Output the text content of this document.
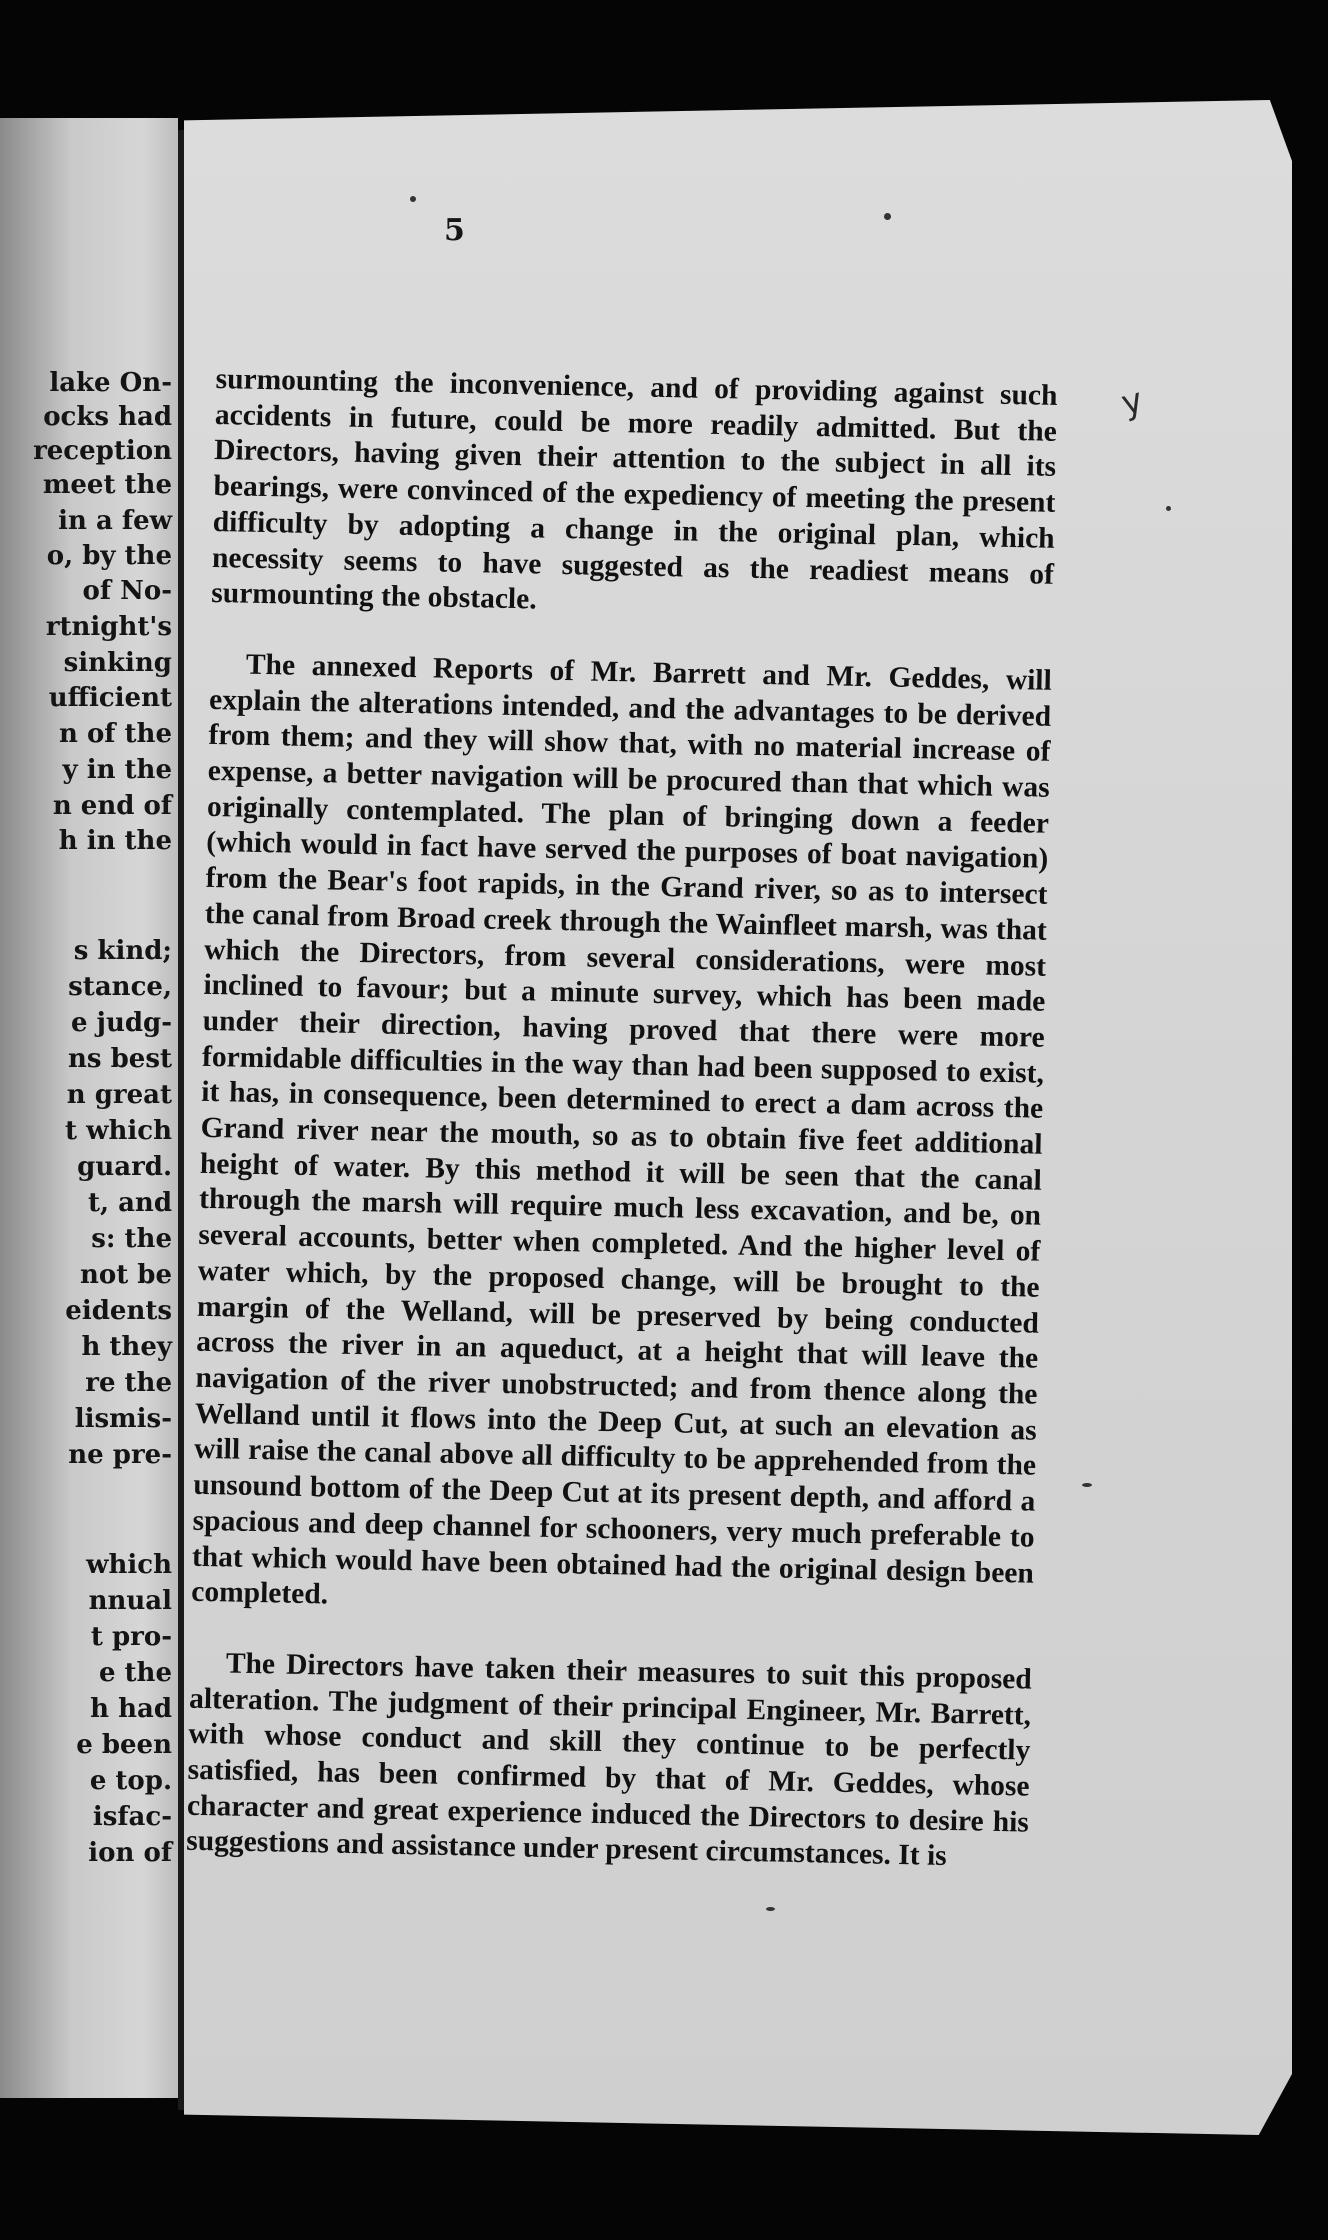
lake On-
ocks had
reception
meet the
in a few
o, by the
of No-
rtnight's
sinking
ufficient
n of the
y in the
n end of
h in the
s kind;
stance,
e judg-
ns best
n great
t which
guard.
t, and
s: the
not be
eidents
h they
re the
lismis-
ne pre-
which
nnual
t pro-
e the
h had
e been
e top.
isfac-
ion of
5
y

surmounting the inconvenience, and of providing against such accidents in future, could be more readily admitted. But the Directors, having given their attention to the subject in all its bearings, were convinced of the expediency of meeting the present difficulty by adopting a change in the original plan, which necessity seems to have suggested as the readiest means of surmounting the obstacle.

The annexed Reports of Mr. Barrett and Mr. Geddes, will explain the alterations intended, and the advantages to be derived from them; and they will show that, with no material increase of expense, a better navigation will be procured than that which was originally contemplated. The plan of bringing down a feeder (which would in fact have served the purposes of boat navigation) from the Bear's foot rapids, in the Grand river, so as to intersect the canal from Broad creek through the Wainfleet marsh, was that which the Directors, from several considerations, were most inclined to favour; but a minute survey, which has been made under their direction, having proved that there were more formidable difficulties in the way than had been supposed to exist, it has, in consequence, been determined to erect a dam across the Grand river near the mouth, so as to obtain five feet additional height of water. By this method it will be seen that the canal through the marsh will require much less excavation, and be, on several accounts, better when completed. And the higher level of water which, by the proposed change, will be brought to the margin of the Welland, will be preserved by being conducted across the river in an aqueduct, at a height that will leave the navigation of the river unobstructed; and from thence along the Welland until it flows into the Deep Cut, at such an elevation as will raise the canal above all difficulty to be apprehended from the unsound bottom of the Deep Cut at its present depth, and afford a spacious and deep channel for schooners, very much preferable to that which would have been obtained had the original design been completed.

The Directors have taken their measures to suit this proposed alteration. The judgment of their principal Engineer, Mr. Barrett, with whose conduct and skill they continue to be perfectly satisfied, has been confirmed by that of Mr. Geddes, whose character and great experience induced the Directors to desire his suggestions and assistance under present circumstances. It is
